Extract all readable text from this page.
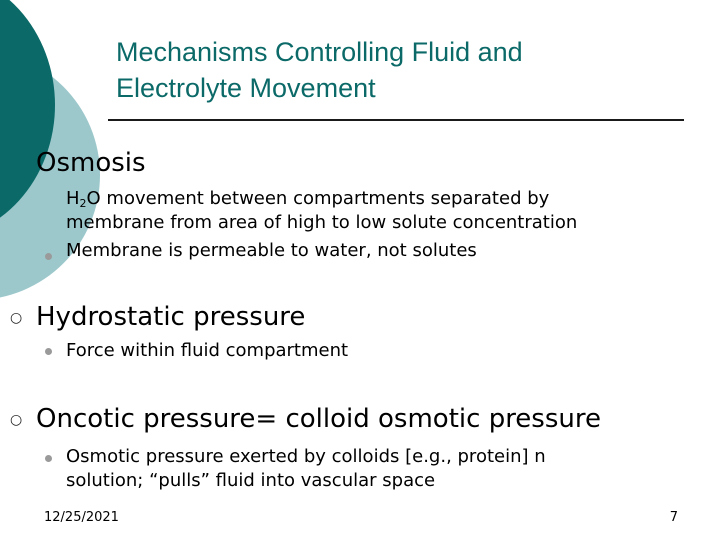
Mechanisms Controlling Fluid and
Electrolyte Movement
Osmosis
$H_2O$ movement between compartments separated by
membrane from area of high to low solute concentration
Membrane is permeable to water, not solutes
○ Hydrostatic pressure
Force within fluid compartment
○ Oncotic pressure= colloid osmotic pressure
Osmotic pressure exerted by colloids [e.g., protein] n
solution; “pulls” fluid into vascular space
12/25/2021	7
